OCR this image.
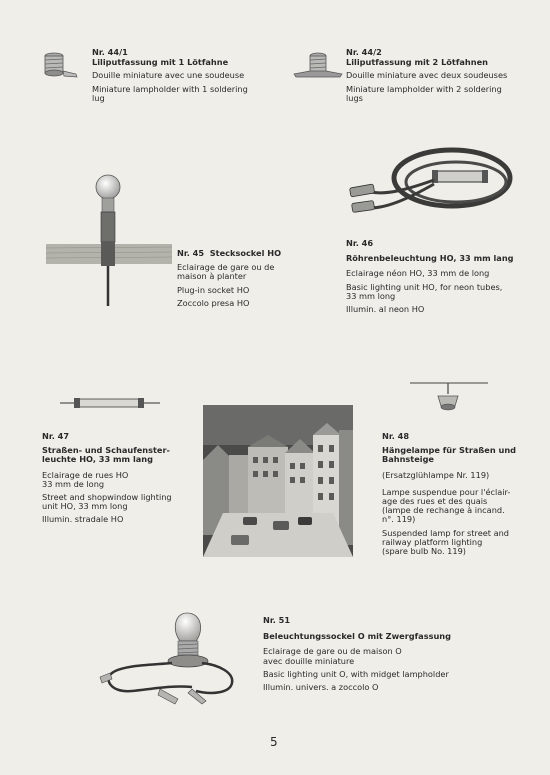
Nr. 44/1
Liliputfassung mit 1 Lötfahne
Douille miniature avec une soudeuse
Miniature lampholder with 1 soldering
lug
Nr. 44/2
Liliputfassung mit 2 Lötfahnen
Douille miniature avec deux soudeuses
Miniature lampholder with 2 soldering
lugs
Nr. 45 Stecksockel HO
Eclairage de gare ou de
maison à planter
Plug-in socket HO
Zoccolo presa HO
Nr. 46
Röhrenbeleuchtung HO, 33 mm lang
Eclairage néon HO, 33 mm de long
Basic lighting unit HO, for neon tubes,
33 mm long
Illumin. al neon HO
Nr. 47
Straßen- und Schaufenster-
leuchte HO, 33 mm lang
Eclairage de rues HO
33 mm de long
Street and shopwindow lighting
unit HO, 33 mm long
Illumin. stradale HO
Nr. 48
Hängelampe für Straßen und
Bahnsteige
(Ersatzglühlampe Nr. 119)
Lampe suspendue pour l'éclair-
age des rues et des quais
(lampe de rechange à incand.
n°. 119)
Suspended lamp for street and
railway platform lighting
(spare bulb No. 119)
Nr. 51
Beleuchtungssockel O mit Zwergfassung
Eclairage de gare ou de maison O
avec douille miniature
Basic lighting unit O, with midget lampholder
Illumin. univers. a zoccolo O
5
